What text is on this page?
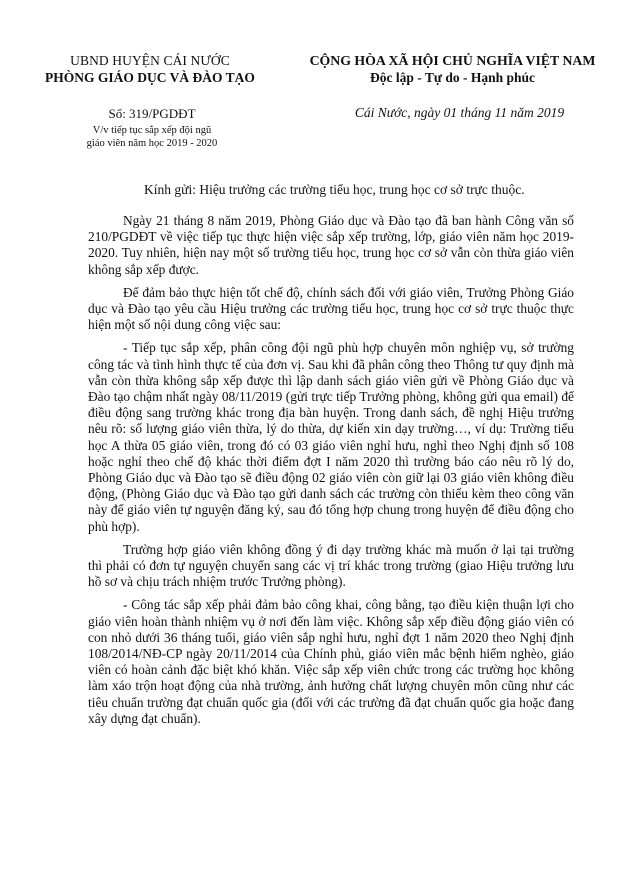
UBND HUYỆN CÁI NƯỚC
PHÒNG GIÁO DỤC VÀ ĐÀO TẠO
CỘNG HÒA XÃ HỘI CHỦ NGHĨA VIỆT NAM
Độc lập - Tự do - Hạnh phúc
Số: 319/PGDĐT
V/v tiếp tục sắp xếp đội ngũ
giáo viên năm học 2019 - 2020
Cái Nước, ngày 01 tháng 11 năm 2019
Kính gửi: Hiệu trưởng các trường tiểu học, trung học cơ sở trực thuộc.

Ngày 21 tháng 8 năm 2019, Phòng Giáo dục và Đào tạo đã ban hành Công văn số 210/PGDĐT về việc tiếp tục thực hiện việc sắp xếp trường, lớp, giáo viên năm học 2019-2020. Tuy nhiên, hiện nay một số trường tiểu học, trung học cơ sở vẫn còn thừa giáo viên không sắp xếp được.

Để đảm bảo thực hiện tốt chế độ, chính sách đối với giáo viên, Trưởng Phòng Giáo dục và Đào tạo yêu cầu Hiệu trưởng các trường tiểu học, trung học cơ sở trực thuộc thực hiện một số nội dung công việc sau:

- Tiếp tục sắp xếp, phân công đội ngũ phù hợp chuyên môn nghiệp vụ, sở trường công tác và tình hình thực tế của đơn vị. Sau khi đã phân công theo Thông tư quy định mà vẫn còn thừa không sắp xếp được thì lập danh sách giáo viên gửi về Phòng Giáo dục và Đào tạo chậm nhất ngày 08/11/2019 (gửi trực tiếp Trưởng phòng, không gửi qua email) để điều động sang trường khác trong địa bàn huyện. Trong danh sách, đề nghị Hiệu trưởng nêu rõ: số lượng giáo viên thừa, lý do thừa, dự kiến xin dạy trường…, ví dụ: Trường tiểu học A thừa 05 giáo viên, trong đó có 03 giáo viên nghỉ hưu, nghỉ theo Nghị định số 108 hoặc nghỉ theo chế độ khác thời điểm đợt I năm 2020 thì trường báo cáo nêu rõ lý do, Phòng Giáo dục và Đào tạo sẽ điều động 02 giáo viên còn giữ lại 03 giáo viên không điều động, (Phòng Giáo dục và Đào tạo gửi danh sách các trường còn thiếu kèm theo công văn này để giáo viên tự nguyện đăng ký, sau đó tổng hợp chung trong huyện để điều động cho phù hợp).

Trường hợp giáo viên không đồng ý đi dạy trường khác mà muốn ở lại tại trường thì phải có đơn tự nguyện chuyển sang các vị trí khác trong trường (giao Hiệu trưởng lưu hồ sơ và chịu trách nhiệm trước Trưởng phòng).

- Công tác sắp xếp phải đảm bảo công khai, công bằng, tạo điều kiện thuận lợi cho giáo viên hoàn thành nhiệm vụ ở nơi đến làm việc. Không sắp xếp điều động giáo viên có con nhỏ dưới 36 tháng tuổi, giáo viên sắp nghỉ hưu, nghỉ đợt 1 năm 2020 theo Nghị định 108/2014/NĐ-CP ngày 20/11/2014 của Chính phủ, giáo viên mắc bệnh hiểm nghèo, giáo viên có hoàn cảnh đặc biệt khó khăn. Việc sắp xếp viên chức trong các trường học không làm xáo trộn hoạt động của nhà trường, ảnh hưởng chất lượng chuyên môn cũng như các tiêu chuẩn trường đạt chuẩn quốc gia (đối với các trường đã đạt chuẩn quốc gia hoặc đang xây dựng đạt chuẩn).
